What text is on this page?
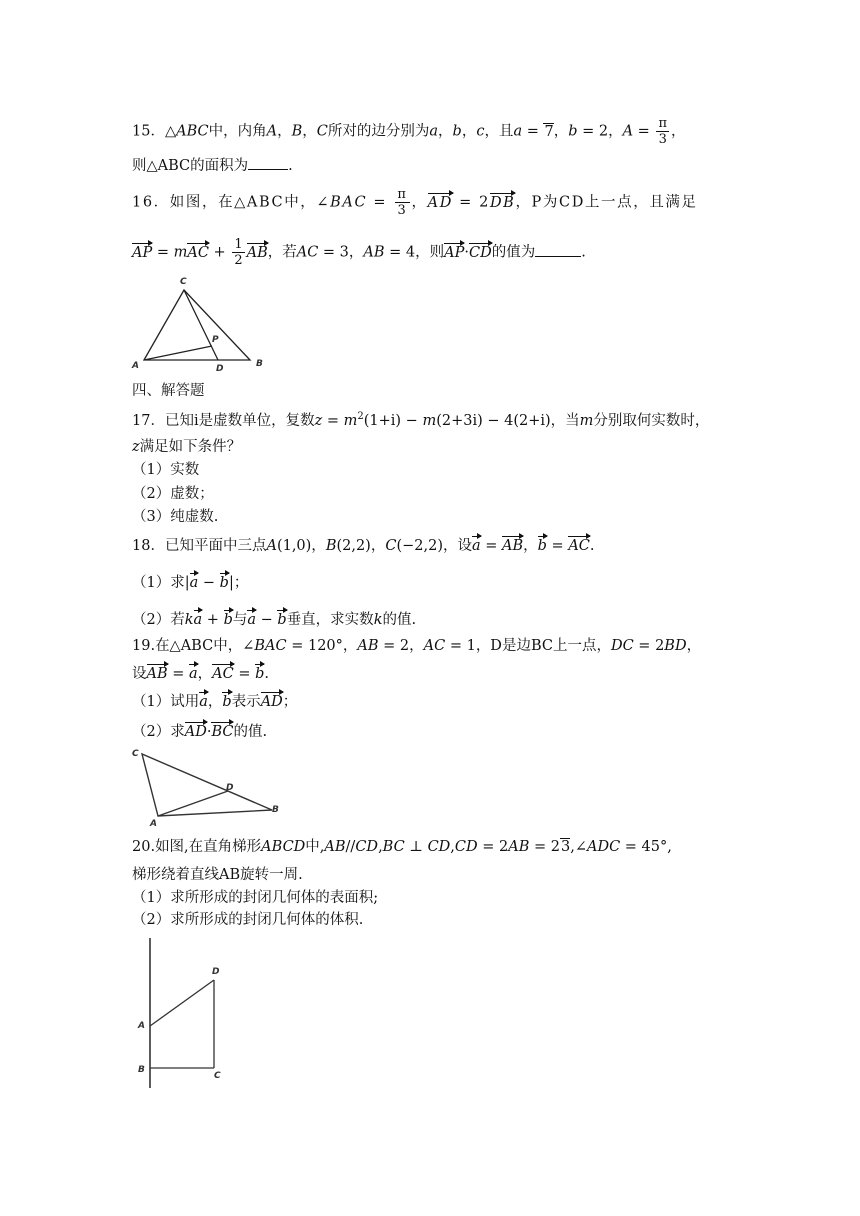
15．△ABC中，内角A，B，C所对的边分别为a，b，c，且a = 7，b = 2，$A = \frac{\pi}{3}$ ，
则△ABC的面积为	.
16．如图，在△ABC中，∠BAC = $\frac{\pi}{3}$ ，AD = 2DB，P为CD上一点，且满足
AP = mAC + $\frac{1}{2}$ AB，若AC = 3，AB = 4，则AP·CD的值为	.
C
P
A	D	B
四、解答题
17．已知i是虚数单位，复数$z = m^2(1+i) - m(2+3i) - 4(2+i)$，当m分别取何实数时，
z满足如下条件？
（1）实数
（2）虚数；
（3）纯虚数.
18．已知平面中三点A(1,0)，B(2,2)，C(−2,2)，设a = AB，b = AC.
（1）求|a − b|；
（2）若ka + b与a − b垂直，求实数k的值.
19.在△ABC中，∠BAC = 120°，AB = 2，AC = 1，D是边BC上一点，DC = 2BD，
设AB = a，AC = b.
（1）试用a，b表示AD；
（2）求AD·BC的值.
C
D
A
B
20.如图,在直角梯形ABCD中,AB//CD,BC ⊥ CD,CD = 2AB = 23,∠ADC = 45°,
梯形绕着直线AB旋转一周.
（1）求所形成的封闭几何体的表面积;
（2）求所形成的封闭几何体的体积.
D
A
B
C
